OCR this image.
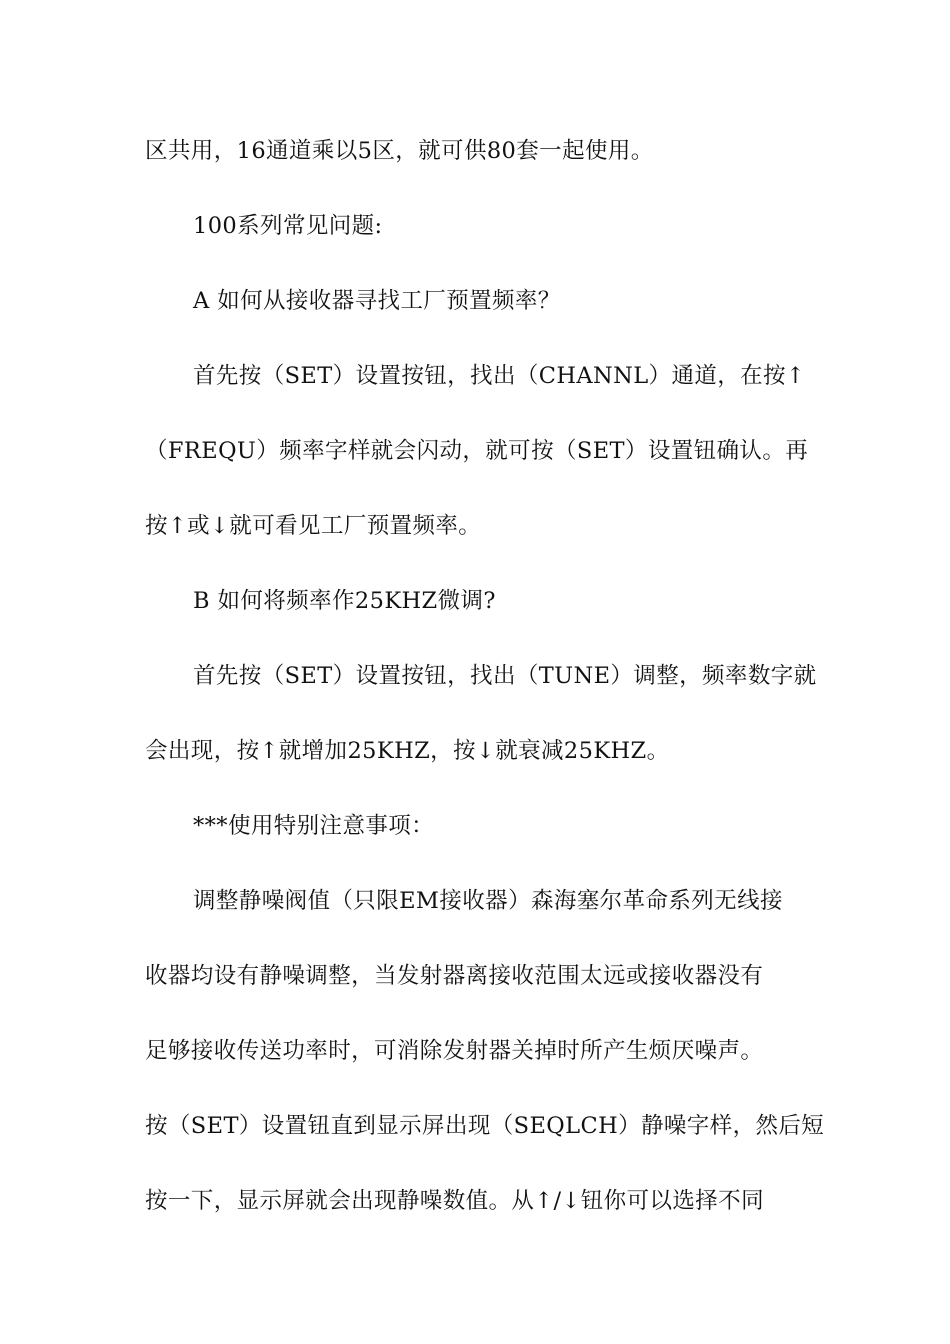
区共用，16通道乘以5区，就可供80套一起使用。
100系列常见问题:
A 如何从接收器寻找工厂预置频率？
首先按（SET）设置按钮，找出（CHANNL）通道，在按↑
（FREQU）频率字样就会闪动，就可按（SET）设置钮确认。再
按↑或↓就可看见工厂预置频率。
B 如何将频率作25KHZ微调?
首先按（SET）设置按钮，找出（TUNE）调整，频率数字就
会出现，按↑就增加25KHZ，按↓就衰减25KHZ。
***使用特别注意事项：
调整静噪阀值（只限EM接收器）森海塞尔革命系列无线接
收器均设有静噪调整，当发射器离接收范围太远或接收器没有
足够接收传送功率时，可消除发射器关掉时所产生烦厌噪声。
按（SET）设置钮直到显示屏出现（SEQLCH）静噪字样，然后短
按一下，显示屏就会出现静噪数值。从↑/↓钮你可以选择不同
